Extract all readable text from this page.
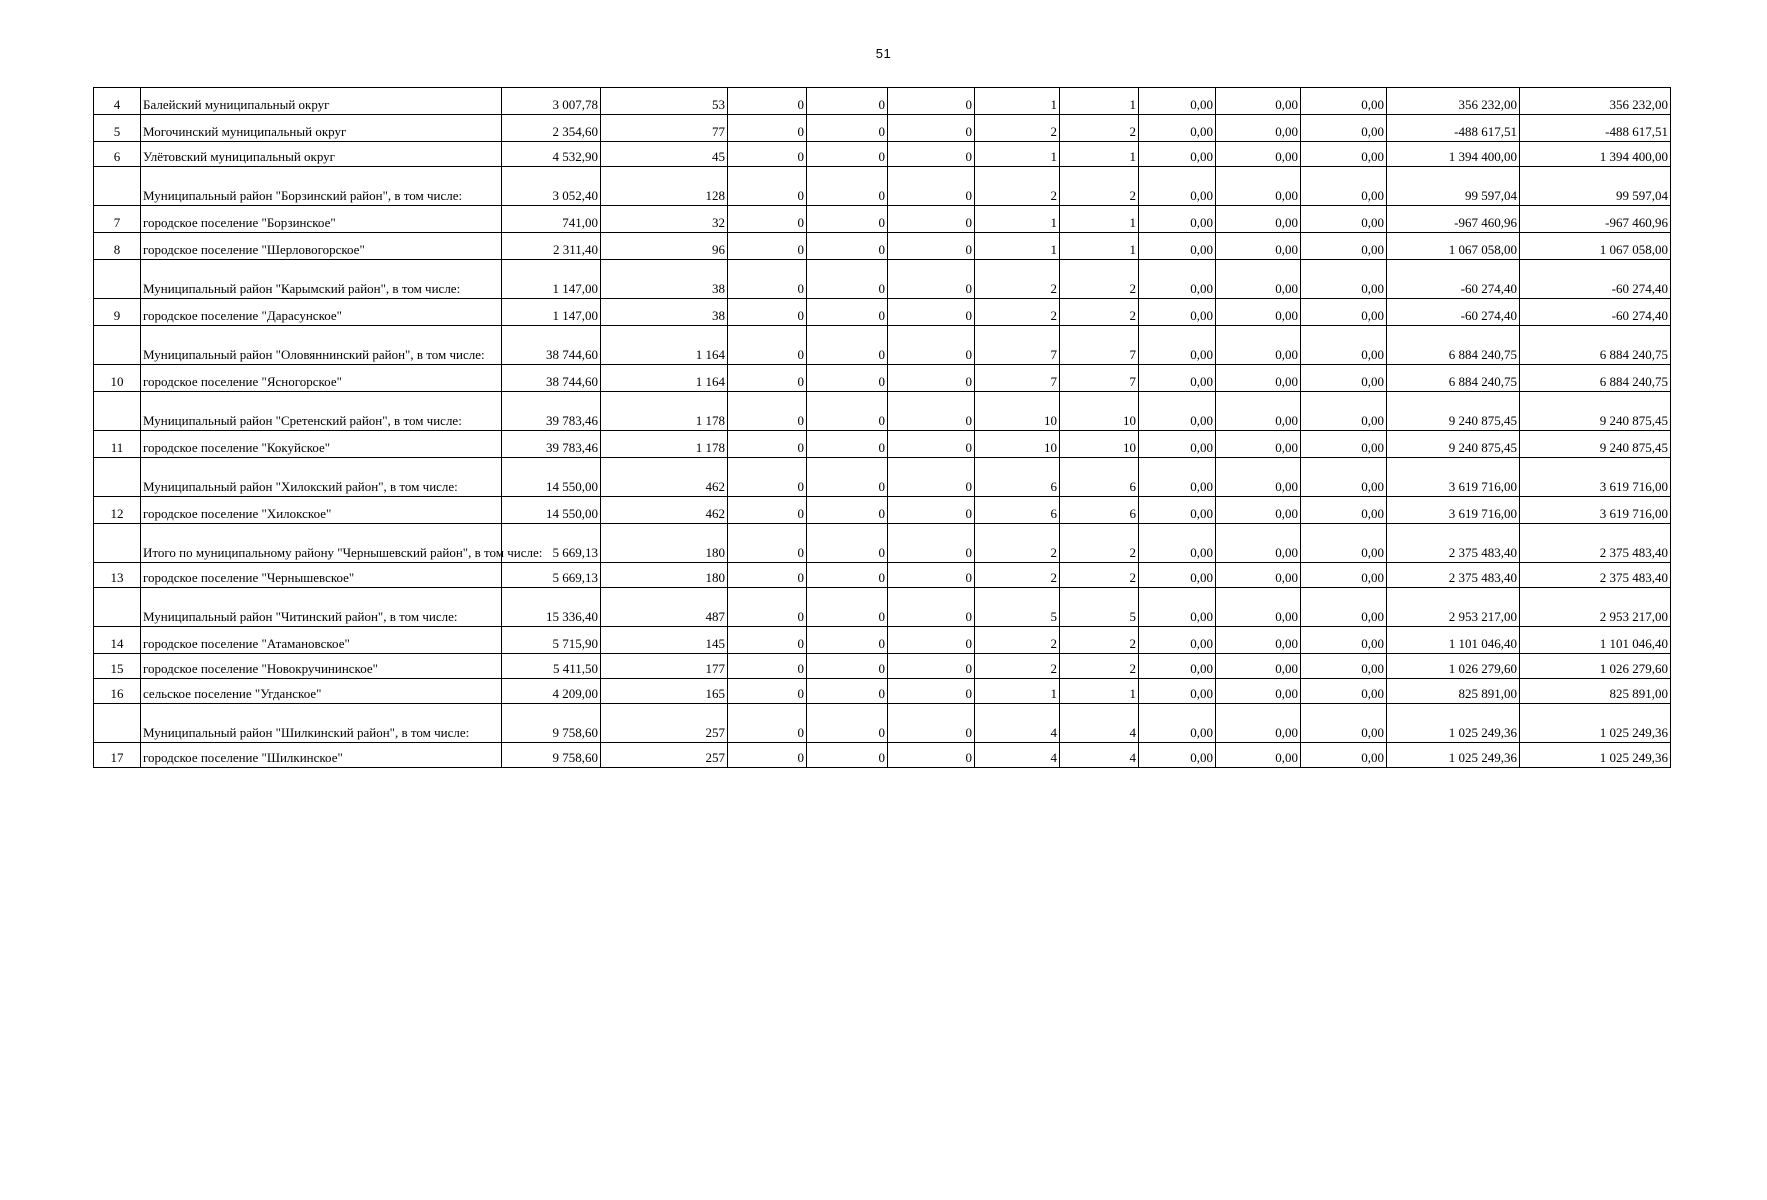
51
4	Балейский муниципальный округ	3 007,78	53	0	0	0	1	1	0,00	0,00	0,00	356 232,00	356 232,00
5	Могочинский муниципальный округ	2 354,60	77	0	0	0	2	2	0,00	0,00	0,00	-488 617,51	-488 617,51
6	Улётовский муниципальный округ	4 532,90	45	0	0	0	1	1	0,00	0,00	0,00	1 394 400,00	1 394 400,00
	Муниципальный район "Борзинский район", в том числе:	3 052,40	128	0	0	0	2	2	0,00	0,00	0,00	99 597,04	99 597,04
7	городское поселение "Борзинское"	741,00	32	0	0	0	1	1	0,00	0,00	0,00	-967 460,96	-967 460,96
8	городское поселение "Шерловогорское"	2 311,40	96	0	0	0	1	1	0,00	0,00	0,00	1 067 058,00	1 067 058,00
	Муниципальный район "Карымский район", в том числе:	1 147,00	38	0	0	0	2	2	0,00	0,00	0,00	-60 274,40	-60 274,40
9	городское поселение "Дарасунское"	1 147,00	38	0	0	0	2	2	0,00	0,00	0,00	-60 274,40	-60 274,40
	Муниципальный район "Оловяннинский район", в том числе:	38 744,60	1 164	0	0	0	7	7	0,00	0,00	0,00	6 884 240,75	6 884 240,75
10	городское поселение "Ясногорское"	38 744,60	1 164	0	0	0	7	7	0,00	0,00	0,00	6 884 240,75	6 884 240,75
	Муниципальный район "Сретенский район", в том числе:	39 783,46	1 178	0	0	0	10	10	0,00	0,00	0,00	9 240 875,45	9 240 875,45
11	городское поселение "Кокуйское"	39 783,46	1 178	0	0	0	10	10	0,00	0,00	0,00	9 240 875,45	9 240 875,45
	Муниципальный район "Хилокский район", в том числе:	14 550,00	462	0	0	0	6	6	0,00	0,00	0,00	3 619 716,00	3 619 716,00
12	городское поселение "Хилокское"	14 550,00	462	0	0	0	6	6	0,00	0,00	0,00	3 619 716,00	3 619 716,00
	Итого по муниципальному району "Чернышевский район", в том числе:	5 669,13	180	0	0	0	2	2	0,00	0,00	0,00	2 375 483,40	2 375 483,40
13	городское поселение "Чернышевское"	5 669,13	180	0	0	0	2	2	0,00	0,00	0,00	2 375 483,40	2 375 483,40
	Муниципальный район "Читинский район", в том числе:	15 336,40	487	0	0	0	5	5	0,00	0,00	0,00	2 953 217,00	2 953 217,00
14	городское поселение "Атамановское"	5 715,90	145	0	0	0	2	2	0,00	0,00	0,00	1 101 046,40	1 101 046,40
15	городское поселение "Новокручининское"	5 411,50	177	0	0	0	2	2	0,00	0,00	0,00	1 026 279,60	1 026 279,60
16	сельское поселение "Угданское"	4 209,00	165	0	0	0	1	1	0,00	0,00	0,00	825 891,00	825 891,00
	Муниципальный район "Шилкинский район", в том числе:	9 758,60	257	0	0	0	4	4	0,00	0,00	0,00	1 025 249,36	1 025 249,36
17	городское поселение "Шилкинское"	9 758,60	257	0	0	0	4	4	0,00	0,00	0,00	1 025 249,36	1 025 249,36
